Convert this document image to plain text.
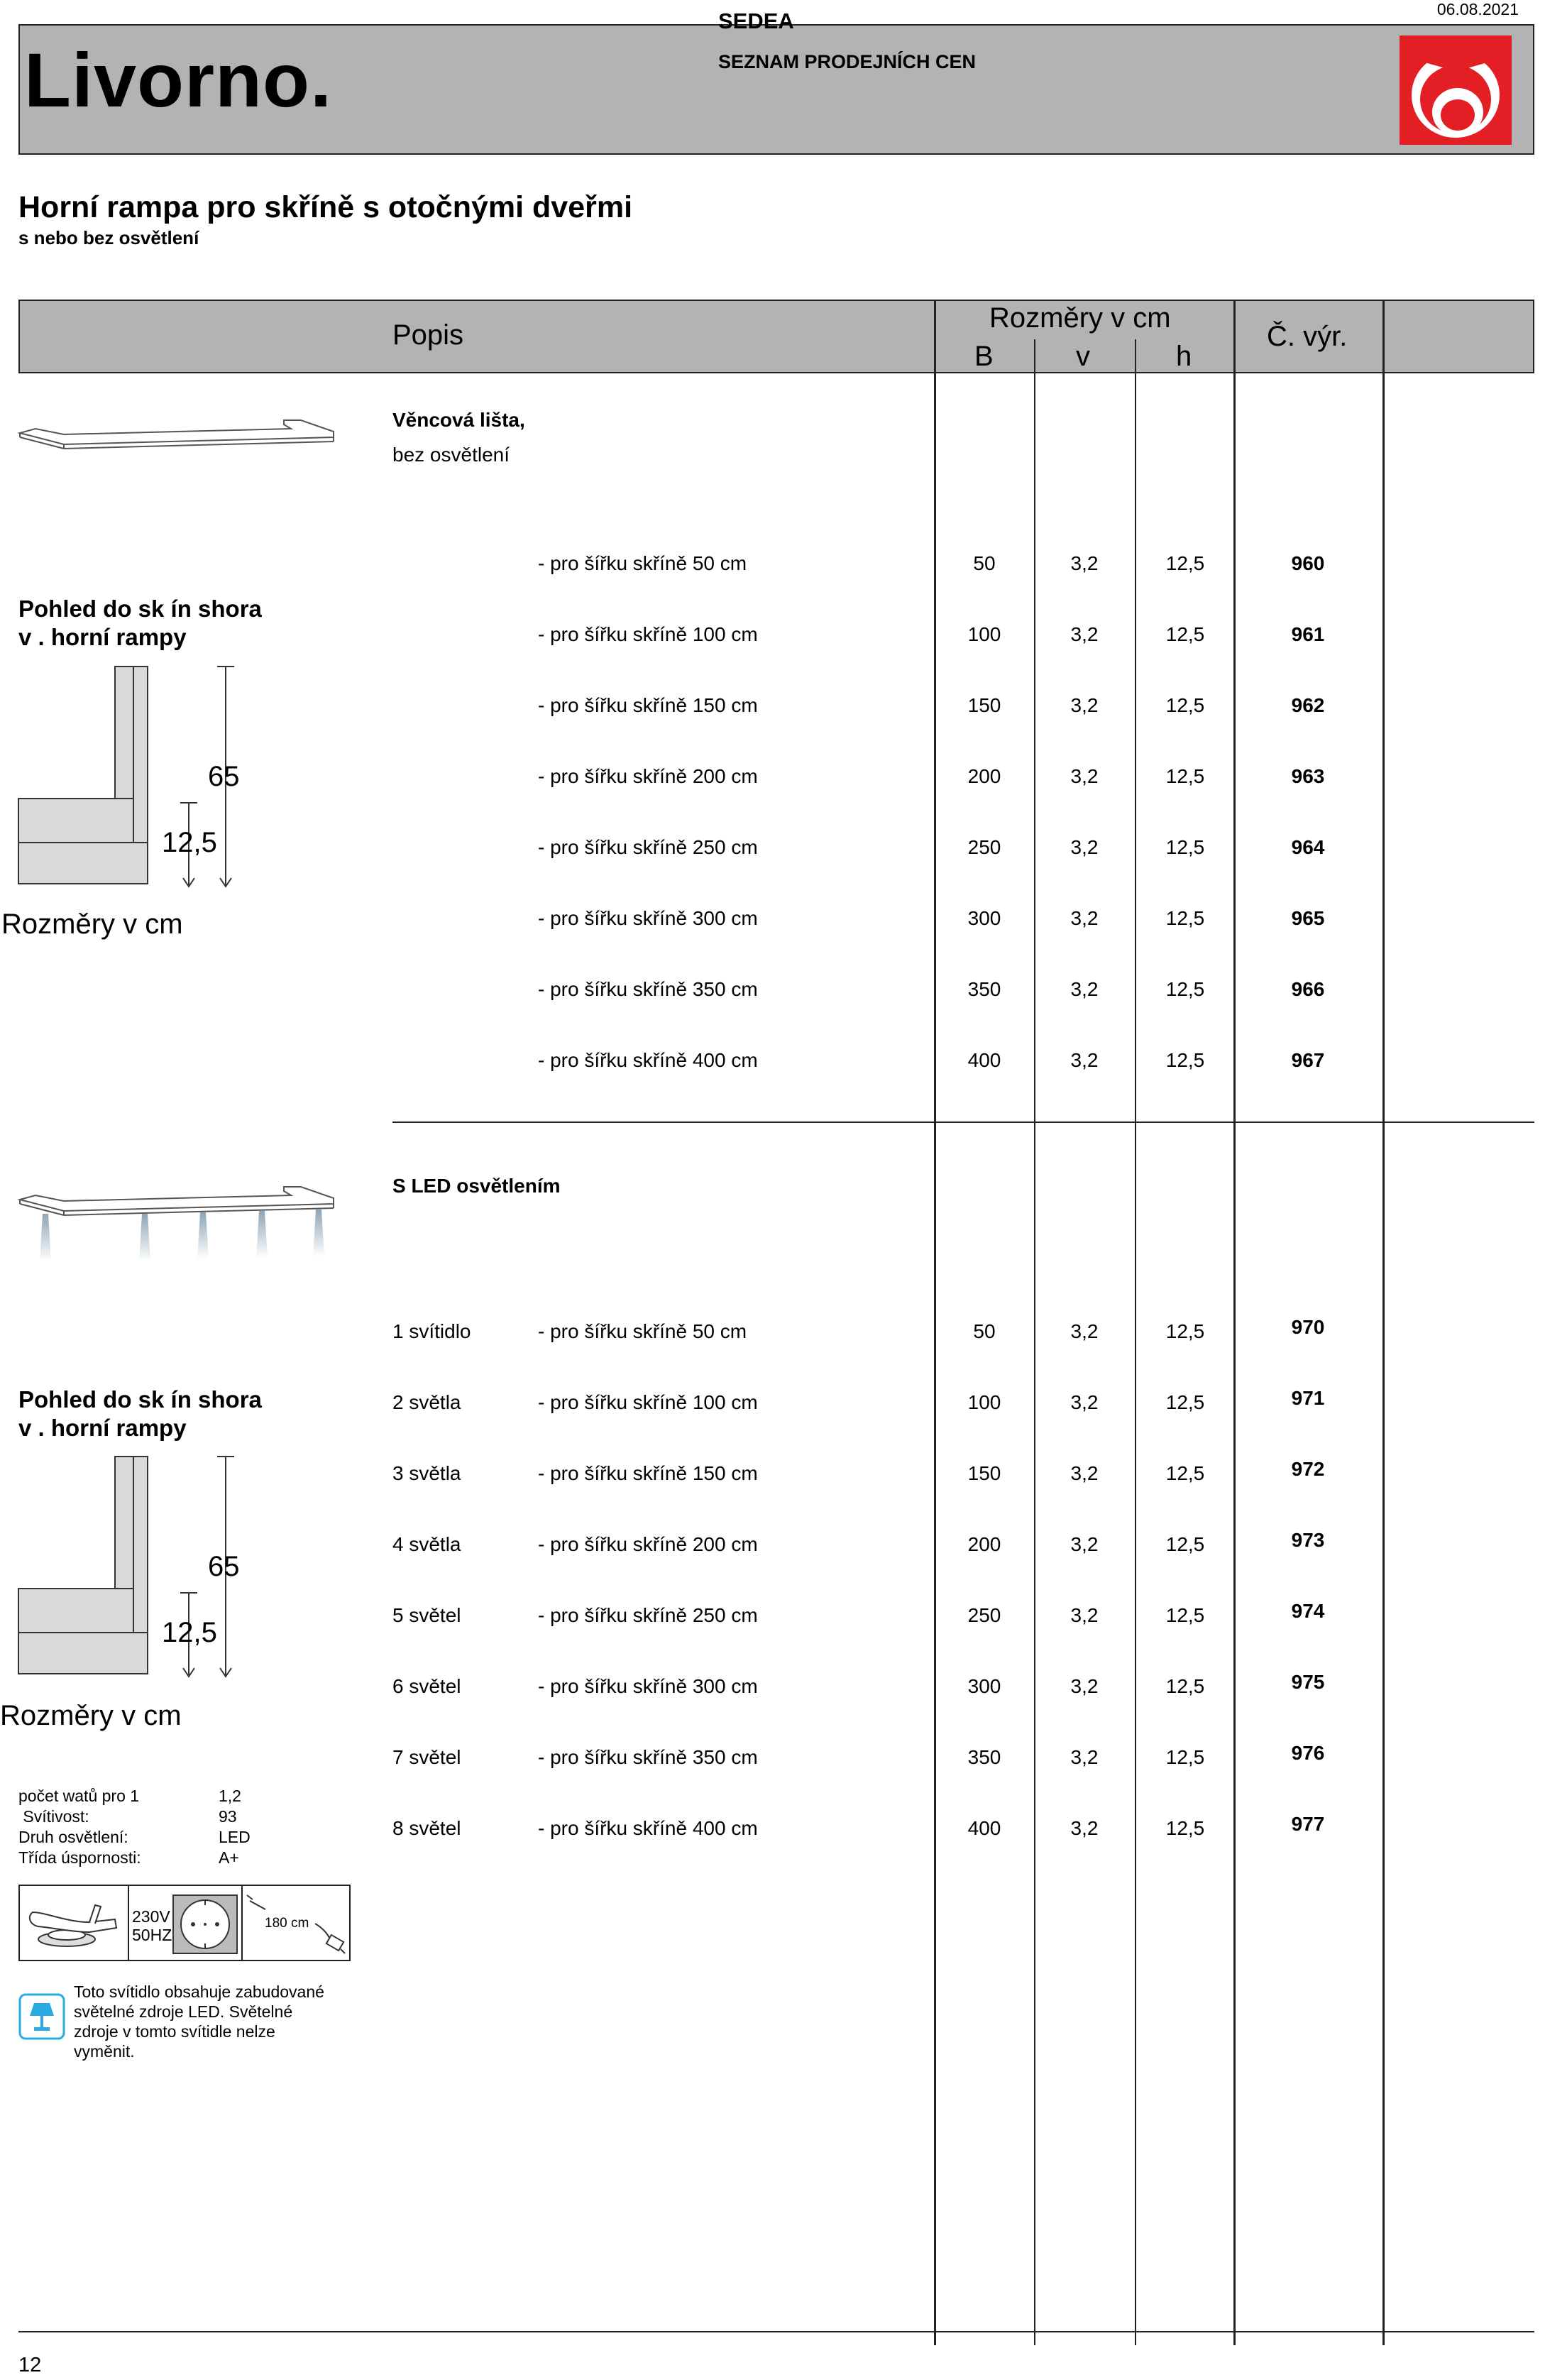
06.08.2021
Livorno.
SEDEA
SEZNAM PRODEJNÍCH CEN
Horní rampa pro skříně s otočnými dveřmi
s nebo bez osvětlení
Popis
Rozměry v cm
B	v	h
Č. výr.
Věncová lišta,
bez osvětlení
- pro šířku skříně 50 cm	50	3,2	12,5	960
- pro šířku skříně 100 cm	100	3,2	12,5	961
- pro šířku skříně 150 cm	150	3,2	12,5	962
- pro šířku skříně 200 cm	200	3,2	12,5	963
- pro šířku skříně 250 cm	250	3,2	12,5	964
- pro šířku skříně 300 cm	300	3,2	12,5	965
- pro šířku skříně 350 cm	350	3,2	12,5	966
- pro šířku skříně 400 cm	400	3,2	12,5	967
S LED osvětlením
1 svítidlo	- pro šířku skříně 50 cm	50	3,2	12,5	970
2 světla	- pro šířku skříně 100 cm	100	3,2	12,5	971
3 světla	- pro šířku skříně 150 cm	150	3,2	12,5	972
4 světla	- pro šířku skříně 200 cm	200	3,2	12,5	973
5 světel	- pro šířku skříně 250 cm	250	3,2	12,5	974
6 světel	- pro šířku skříně 300 cm	300	3,2	12,5	975
7 světel	- pro šířku skříně 350 cm	350	3,2	12,5	976
8 světel	- pro šířku skříně 400 cm	400	3,2	12,5	977
Pohled do sk ín shora
v . horní rampy
65
12,5
Rozměry v cm
Pohled do sk ín shora
v . horní rampy
65
12,5
Rozměry v cm
počet watů pro 1	1,2
Svítivost:	93
Druh osvětlení:	LED
Třída úspornosti:	A+
230V
50HZ
180 cm
Toto svítidlo obsahuje zabudované
světelné zdroje LED. Světelné
zdroje v tomto svítidle nelze
vyměnit.
12
